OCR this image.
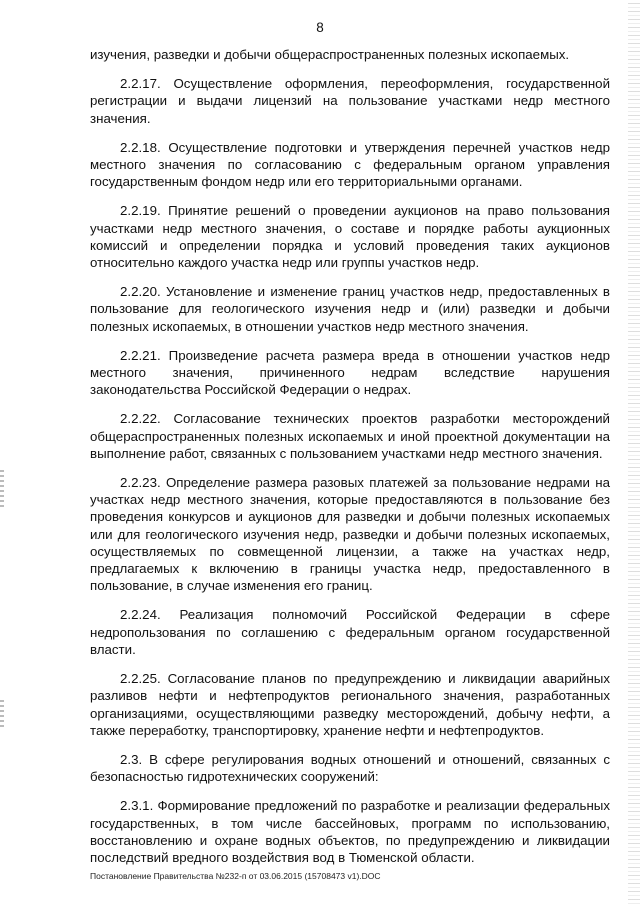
8

изучения, разведки и добычи общераспространенных полезных ископаемых.

2.2.17. Осуществление оформления, переоформления, государственной регистрации и выдачи лицензий на пользование участками недр местного значения.

2.2.18. Осуществление подготовки и утверждения перечней участков недр местного значения по согласованию с федеральным органом управления государственным фондом недр или его территориальными органами.

2.2.19. Принятие решений о проведении аукционов на право пользования участками недр местного значения, о составе и порядке работы аукционных комиссий и определении порядка и условий проведения таких аукционов относительно каждого участка недр или группы участков недр.

2.2.20. Установление и изменение границ участков недр, предоставленных в пользование для геологического изучения недр и (или) разведки и добычи полезных ископаемых, в отношении участков недр местного значения.

2.2.21. Произведение расчета размера вреда в отношении участков недр местного значения, причиненного недрам вследствие нарушения законодательства Российской Федерации о недрах.

2.2.22. Согласование технических проектов разработки месторождений общераспространенных полезных ископаемых и иной проектной документации на выполнение работ, связанных с пользованием участками недр местного значения.

2.2.23. Определение размера разовых платежей за пользование недрами на участках недр местного значения, которые предоставляются в пользование без проведения конкурсов и аукционов для разведки и добычи полезных ископаемых или для геологического изучения недр, разведки и добычи полезных ископаемых, осуществляемых по совмещенной лицензии, а также на участках недр, предлагаемых к включению в границы участка недр, предоставленного в пользование, в случае изменения его границ.

2.2.24. Реализация полномочий Российской Федерации в сфере недропользования по соглашению с федеральным органом государственной власти.

2.2.25. Согласование планов по предупреждению и ликвидации аварийных разливов нефти и нефтепродуктов регионального значения, разработанных организациями, осуществляющими разведку месторождений, добычу нефти, а также переработку, транспортировку, хранение нефти и нефтепродуктов.

2.3. В сфере регулирования водных отношений и отношений, связанных с безопасностью гидротехнических сооружений:

2.3.1. Формирование предложений по разработке и реализации федеральных государственных, в том числе бассейновых, программ по использованию, восстановлению и охране водных объектов, по предупреждению и ликвидации последствий вредного воздействия вод в Тюменской области.

Постановление Правительства №232-п от 03.06.2015 (15708473 v1).DOC
